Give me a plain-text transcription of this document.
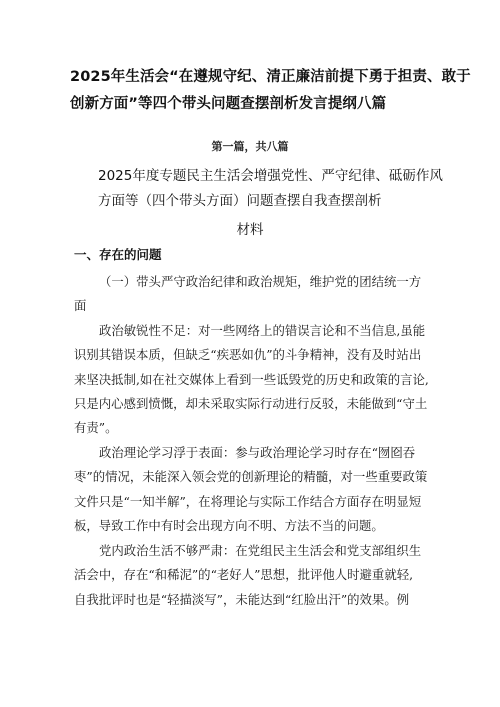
2025年生活会“在遵规守纪、清正廉洁前提下勇于担责、敢于
创新方面”等四个带头问题查摆剖析发言提纲八篇
第一篇，共八篇
2025年度专题民主生活会增强党性、严守纪律、砥砺作风
方面等（四个带头方面）问题查摆自我查摆剖析
材料
一、存在的问题
（一）带头严守政治纪律和政治规矩，维护党的团结统一方
面
政治敏锐性不足：对一些网络上的错误言论和不当信息,虽能
识别其错误本质，但缺乏“疾恶如仇”的斗争精神，没有及时站出
来坚决抵制,如在社交媒体上看到一些诋毁党的历史和政策的言论,
只是内心感到愤慨，却未采取实际行动进行反驳，未能做到“守土
有责”。
政治理论学习浮于表面：参与政治理论学习时存在“囫囵吞
枣”的情况，未能深入领会党的创新理论的精髓，对一些重要政策
文件只是“一知半解”，在将理论与实际工作结合方面存在明显短
板，导致工作中有时会出现方向不明、方法不当的问题。
党内政治生活不够严肃：在党组民主生活会和党支部组织生
活会中，存在“和稀泥”的“老好人”思想，批评他人时避重就轻,
自我批评时也是“轻描淡写”，未能达到“红脸出汗”的效果。例
